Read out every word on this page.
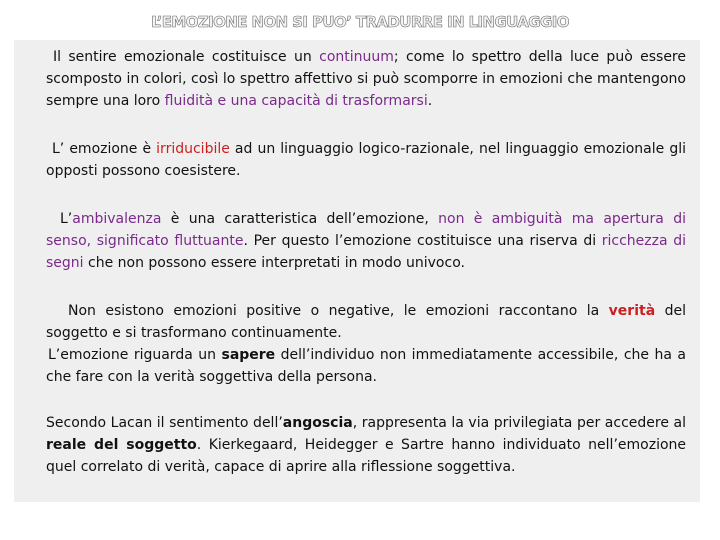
L’EMOZIONE NON SI PUO’ TRADURRE IN LINGUAGGIO

Il sentire emozionale costituisce un continuum; come lo spettro della luce può essere scomposto in colori, così lo spettro affettivo si può scomporre in emozioni che mantengono sempre una loro fluidità e una capacità di trasformarsi.

L’ emozione è irriducibile ad un linguaggio logico-razionale, nel linguaggio emozionale gli opposti possono coesistere.

L’ambivalenza è una caratteristica dell’emozione, non è ambiguità ma apertura di senso, significato fluttuante. Per questo l’emozione costituisce una riserva di ricchezza di segni che non possono essere interpretati in modo univoco.

Non esistono emozioni positive o negative, le emozioni raccontano la verità del soggetto e si trasformano continuamente.

L’emozione riguarda un sapere dell’individuo non immediatamente accessibile, che ha a che fare con la verità soggettiva della persona.

Secondo Lacan il sentimento dell’angoscia, rappresenta la via privilegiata per accedere al reale del soggetto. Kierkegaard, Heidegger e Sartre hanno individuato nell’emozione quel correlato di verità, capace di aprire alla riflessione soggettiva.
